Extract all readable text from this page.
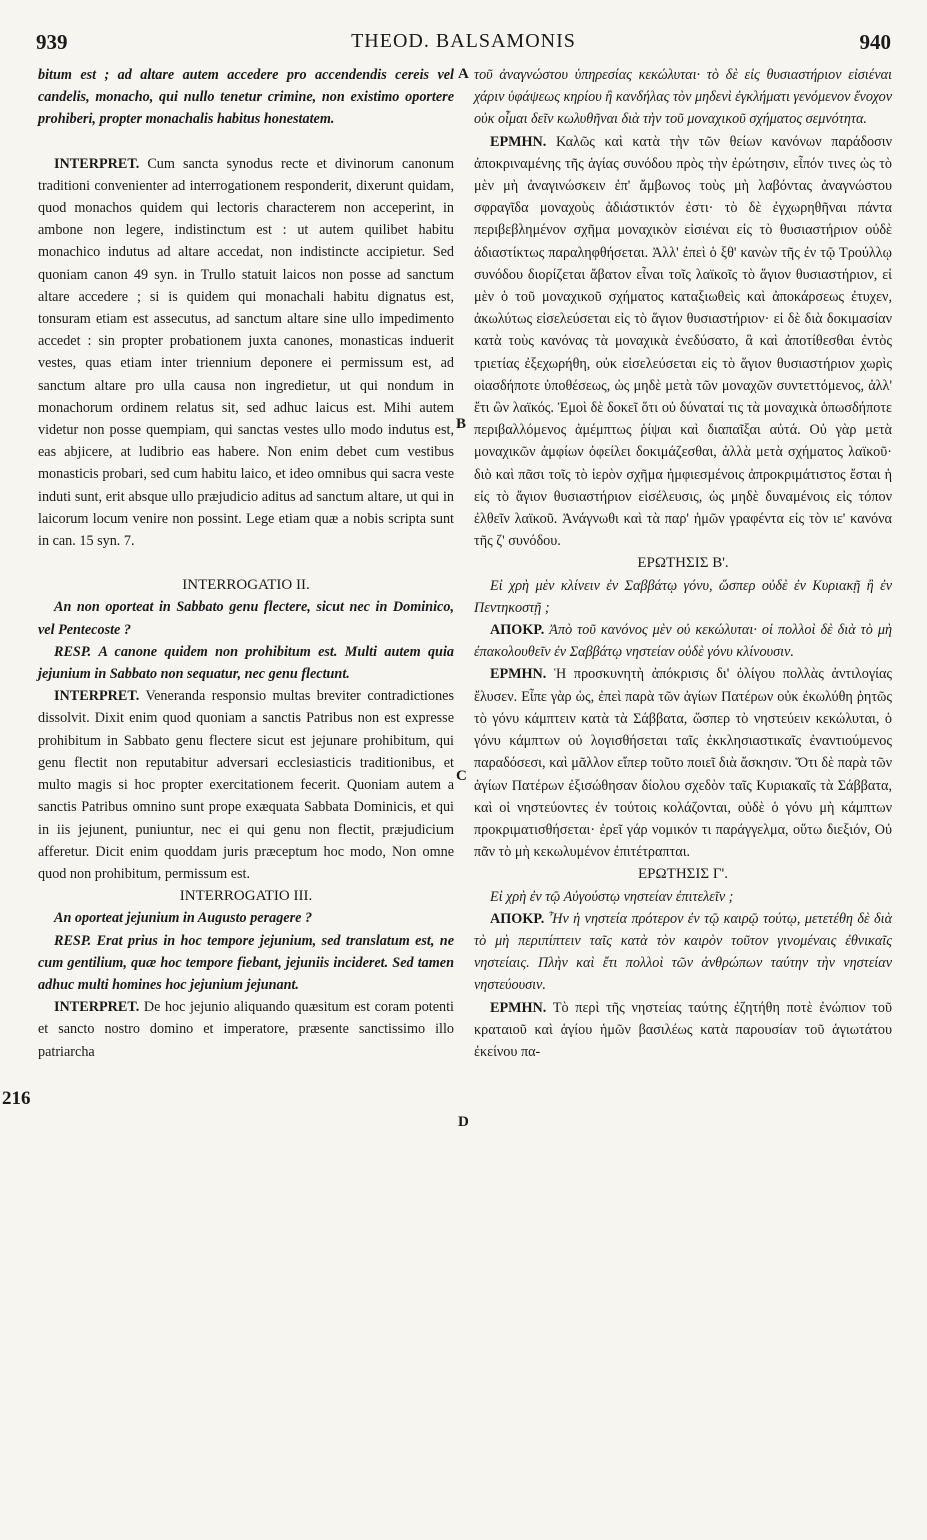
939	THEOD. BALSAMONIS	940
A
B
C
D
216

bitum est ; ad altare autem accedere pro accendendis cereis vel candelis, monacho, qui nullo tenetur crimine, non existimo oportere prohiberi, propter monachalis habitus honestatem.

INTERPRET. Cum sancta synodus recte et divinorum canonum traditioni convenienter ad interrogationem responderit, dixerunt quidam, quod monachos quidem qui lectoris characterem non acceperint, in ambone non legere, indistinctum est : ut autem quilibet habitu monachico indutus ad altare accedat, non indistincte accipietur. Sed quoniam canon 49 syn. in Trullo statuit laicos non posse ad sanctum altare accedere ; si is quidem qui monachali habitu dignatus est, tonsuram etiam est assecutus, ad sanctum altare sine ullo impedimento accedet : sin propter probationem juxta canones, monasticas induerit vestes, quas etiam inter triennium deponere ei permissum est, ad sanctum altare pro ulla causa non ingredietur, ut qui nondum in monachorum ordinem relatus sit, sed adhuc laicus est. Mihi autem videtur non posse quempiam, qui sanctas vestes ullo modo indutus est, eas abjicere, at ludibrio eas habere. Non enim debet cum vestibus monasticis probari, sed cum habitu laico, et ideo omnibus qui sacra veste induti sunt, erit absque ullo præjudicio aditus ad sanctum altare, ut qui in laicorum locum venire non possint. Lege etiam quæ a nobis scripta sunt in can. 15 syn. 7.

INTERROGATIO II.

An non oporteat in Sabbato genu flectere, sicut nec in Dominico, vel Pentecoste ?

RESP. A canone quidem non prohibitum est. Multi autem quia jejunium in Sabbato non sequatur, nec genu flectunt.

INTERPRET. Veneranda responsio multas breviter contradictiones dissolvit. Dixit enim quod quoniam a sanctis Patribus non est expresse prohibitum in Sabbato genu flectere sicut est jejunare prohibitum, qui genu flectit non reputabitur adversari ecclesiasticis traditionibus, et multo magis si hoc propter exercitationem fecerit. Quoniam autem a sanctis Patribus omnino sunt prope exæquata Sabbata Dominicis, et qui in iis jejunent, puniuntur, nec ei qui genu non flectit, præjudicium afferetur. Dicit enim quoddam juris præceptum hoc modo, Non omne quod non prohibitum, permissum est.

INTERROGATIO III.

An oporteat jejunium in Augusto peragere ?

RESP. Erat prius in hoc tempore jejunium, sed translatum est, ne cum gentilium, quæ hoc tempore fiebant, jejuniis incideret. Sed tamen adhuc multi homines hoc jejunium jejunant.

INTERPRET. De hoc jejunio aliquando quæsitum est coram potenti et sancto nostro domino et imperatore, præsente sanctissimo illo patriarcha

τοῦ ἀναγνώστου ὑπηρεσίας κεκώλυται· τὸ δὲ εἰς θυσιαστήριον εἰσιέναι χάριν ὑφάψεως κηρίου ἢ κανδήλας τὸν μηδενὶ ἐγκλήματι γενόμενον ἔνοχον οὐκ οἶμαι δεῖν κωλυθῆναι διὰ τὴν τοῦ μοναχικοῦ σχήματος σεμνότητα.

ΕΡΜΗΝ. Καλῶς καὶ κατὰ τὴν τῶν θείων κανόνων παράδοσιν ἀποκριναμένης τῆς ἁγίας συνόδου πρὸς τὴν ἐρώτησιν, εἶπόν τινες ὡς τὸ μὲν μὴ ἀναγινώσκειν ἐπ' ἄμβωνος τοὺς μὴ λαβόντας ἀναγνώστου σφραγῖδα μοναχοὺς ἀδιάστικτόν ἐστι· τὸ δὲ ἐγχωρηθῆναι πάντα περιβεβλημένον σχῆμα μοναχικὸν εἰσιέναι εἰς τὸ θυσιαστήριον οὐδὲ ἀδιαστίκτως παραληφθήσεται. Ἀλλ' ἐπεὶ ὁ ξθ' κανὼν τῆς ἐν τῷ Τρούλλῳ συνόδου διορίζεται ἄβατον εἶναι τοῖς λαϊκοῖς τὸ ἅγιον θυσιαστήριον, εἰ μὲν ὁ τοῦ μοναχικοῦ σχήματος καταξιωθεὶς καὶ ἀποκάρσεως ἐτυχεν, ἀκωλύτως εἰσελεύσεται εἰς τὸ ἅγιον θυσιαστήριον· εἰ δὲ διὰ δοκιμασίαν κατὰ τοὺς κανόνας τὰ μοναχικὰ ἐνεδύσατο, ἃ καὶ ἀποτίθεσθαι ἐντὸς τριετίας ἐξεχωρήθη, οὐκ εἰσελεύσεται εἰς τὸ ἅγιον θυσιαστήριον χωρὶς οἱασδήποτε ὑποθέσεως, ὡς μηδὲ μετὰ τῶν μοναχῶν συντεττόμενος, ἀλλ' ἔτι ὢν λαϊκός. Ἐμοὶ δὲ δοκεῖ ὅτι οὐ δύναταί τις τὰ μοναχικὰ ὁπωσδήποτε περιβαλλόμενος ἀμέμπτως ῥίψαι καὶ διαπαῖξαι αὐτά. Οὐ γὰρ μετὰ μοναχικῶν ἀμφίων ὀφείλει δοκιμάζεσθαι, ἀλλὰ μετὰ σχήματος λαϊκοῦ· διὸ καὶ πᾶσι τοῖς τὸ ἱερὸν σχῆμα ἠμφιεσμένοις ἀπροκριμάτιστος ἔσται ἡ εἰς τὸ ἅγιον θυσιαστήριον εἰσέλευσις, ὡς μηδὲ δυναμένοις εἰς τόπον ἐλθεῖν λαϊκοῦ. Ἀνάγνωθι καὶ τὰ παρ' ἡμῶν γραφέντα εἰς τὸν ιε' κανόνα τῆς ζ' συνόδου.

ΕΡΩΤΗΣΙΣ Β'.

Εἰ χρὴ μὲν κλίνειν ἐν Σαββάτῳ γόνυ, ὥσπερ οὐδὲ ἐν Κυριακῇ ἢ ἐν Πεντηκοστῇ ;

ΑΠΟΚΡ. Ἀπὸ τοῦ κανόνος μὲν οὐ κεκώλυται· οἱ πολλοὶ δὲ διὰ τὸ μὴ ἐπακολουθεῖν ἐν Σαββάτῳ νηστείαν οὐδὲ γόνυ κλίνουσιν.

ΕΡΜΗΝ. Ἡ προσκυνητὴ ἀπόκρισις δι' ὀλίγου πολλὰς ἀντιλογίας ἔλυσεν. Εἶπε γὰρ ὡς, ἐπεὶ παρὰ τῶν ἁγίων Πατέρων οὐκ ἐκωλύθη ῥητῶς τὸ γόνυ κάμπτειν κατὰ τὰ Σάββατα, ὥσπερ τὸ νηστεύειν κεκώλυται, ὁ γόνυ κάμπτων οὐ λογισθήσεται ταῖς ἐκκλησιαστικαῖς ἐναντιούμενος παραδόσεσι, καὶ μᾶλλον εἴπερ τοῦτο ποιεῖ διὰ ἄσκησιν. Ὅτι δὲ παρὰ τῶν ἁγίων Πατέρων ἐξισώθησαν δίολου σχεδὸν ταῖς Κυριακαῖς τὰ Σάββατα, καὶ οἱ νηστεύοντες ἐν τούτοις κολάζονται, οὐδὲ ὁ γόνυ μὴ κάμπτων προκριματισθήσεται· ἐρεῖ γάρ νομικόν τι παράγγελμα, οὕτω διεξιόν, Οὐ πᾶν τὸ μὴ κεκωλυμένον ἐπιτέτραπται.

ΕΡΩΤΗΣΙΣ Γ'.

Εἰ χρὴ ἐν τῷ Αὐγούστῳ νηστείαν ἐπιτελεῖν ;

ΑΠΟΚΡ. Ἦν ἡ νηστεία πρότερον ἐν τῷ καιρῷ τούτῳ, μετετέθη δὲ διὰ τὸ μὴ περιπίπτειν ταῖς κατὰ τὸν καιρὸν τοῦτον γινομέναις ἐθνικαῖς νηστείαις. Πλὴν καὶ ἔτι πολλοὶ τῶν ἀνθρώπων ταύτην τὴν νηστείαν νηστεύουσιν.

ΕΡΜΗΝ. Τὸ περὶ τῆς νηστείας ταύτης ἐζητήθη ποτὲ ἐνώπιον τοῦ κραταιοῦ καὶ ἁγίου ἡμῶν βασιλέως κατὰ παρουσίαν τοῦ ἁγιωτάτου ἐκείνου πα-
